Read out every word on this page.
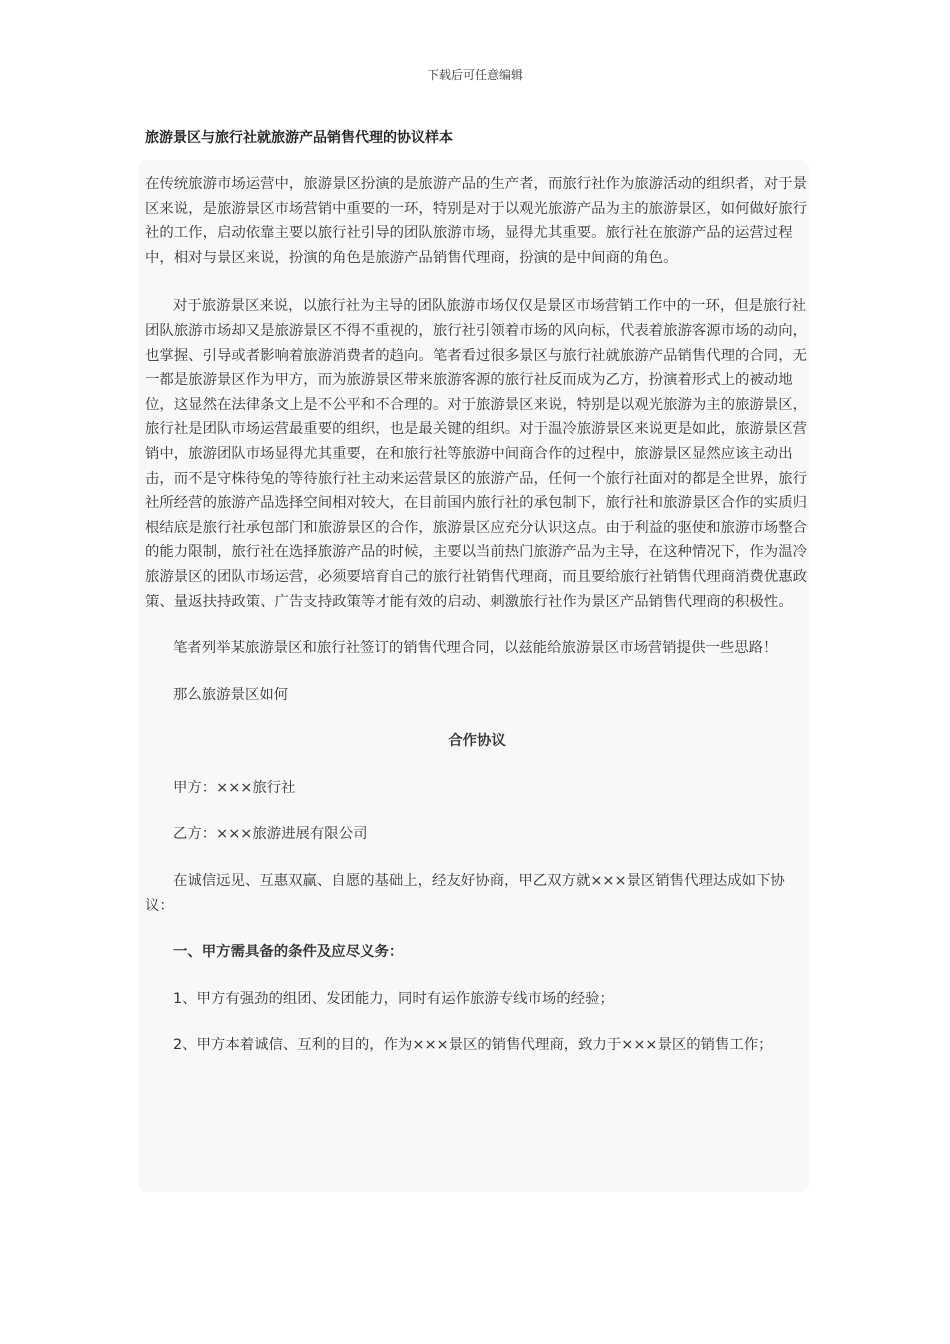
下载后可任意编辑
旅游景区与旅行社就旅游产品销售代理的协议样本

在传统旅游市场运营中，旅游景区扮演的是旅游产品的生产者，而旅行社作为旅游活动的组织者，对于景区来说，是旅游景区市场营销中重要的一环，特别是对于以观光旅游产品为主的旅游景区，如何做好旅行社的工作，启动依靠主要以旅行社引导的团队旅游市场，显得尤其重要。旅行社在旅游产品的运营过程中，相对与景区来说，扮演的角色是旅游产品销售代理商，扮演的是中间商的角色。

对于旅游景区来说，以旅行社为主导的团队旅游市场仅仅是景区市场营销工作中的一环，但是旅行社团队旅游市场却又是旅游景区不得不重视的，旅行社引领着市场的风向标，代表着旅游客源市场的动向，也掌握、引导或者影响着旅游消费者的趋向。笔者看过很多景区与旅行社就旅游产品销售代理的合同，无一都是旅游景区作为甲方，而为旅游景区带来旅游客源的旅行社反而成为乙方，扮演着形式上的被动地位，这显然在法律条文上是不公平和不合理的。对于旅游景区来说，特别是以观光旅游为主的旅游景区，旅行社是团队市场运营最重要的组织，也是最关键的组织。对于温冷旅游景区来说更是如此，旅游景区营销中，旅游团队市场显得尤其重要，在和旅行社等旅游中间商合作的过程中，旅游景区显然应该主动出击，而不是守株待兔的等待旅行社主动来运营景区的旅游产品，任何一个旅行社面对的都是全世界，旅行社所经营的旅游产品选择空间相对较大，在目前国内旅行社的承包制下，旅行社和旅游景区合作的实质归根结底是旅行社承包部门和旅游景区的合作，旅游景区应充分认识这点。由于利益的驱使和旅游市场整合的能力限制，旅行社在选择旅游产品的时候，主要以当前热门旅游产品为主导，在这种情况下，作为温冷旅游景区的团队市场运营，必须要培育自己的旅行社销售代理商，而且要给旅行社销售代理商消费优惠政策、量返扶持政策、广告支持政策等才能有效的启动、刺激旅行社作为景区产品销售代理商的积极性。

笔者列举某旅游景区和旅行社签订的销售代理合同，以兹能给旅游景区市场营销提供一些思路！

那么旅游景区如何

合作协议

甲方：×××旅行社

乙方：×××旅游进展有限公司

在诚信远见、互惠双赢、自愿的基础上，经友好协商，甲乙双方就×××景区销售代理达成如下协议：

一、甲方需具备的条件及应尽义务：

1、甲方有强劲的组团、发团能力，同时有运作旅游专线市场的经验；

2、甲方本着诚信、互利的目的，作为×××景区的销售代理商，致力于×××景区的销售工作；
